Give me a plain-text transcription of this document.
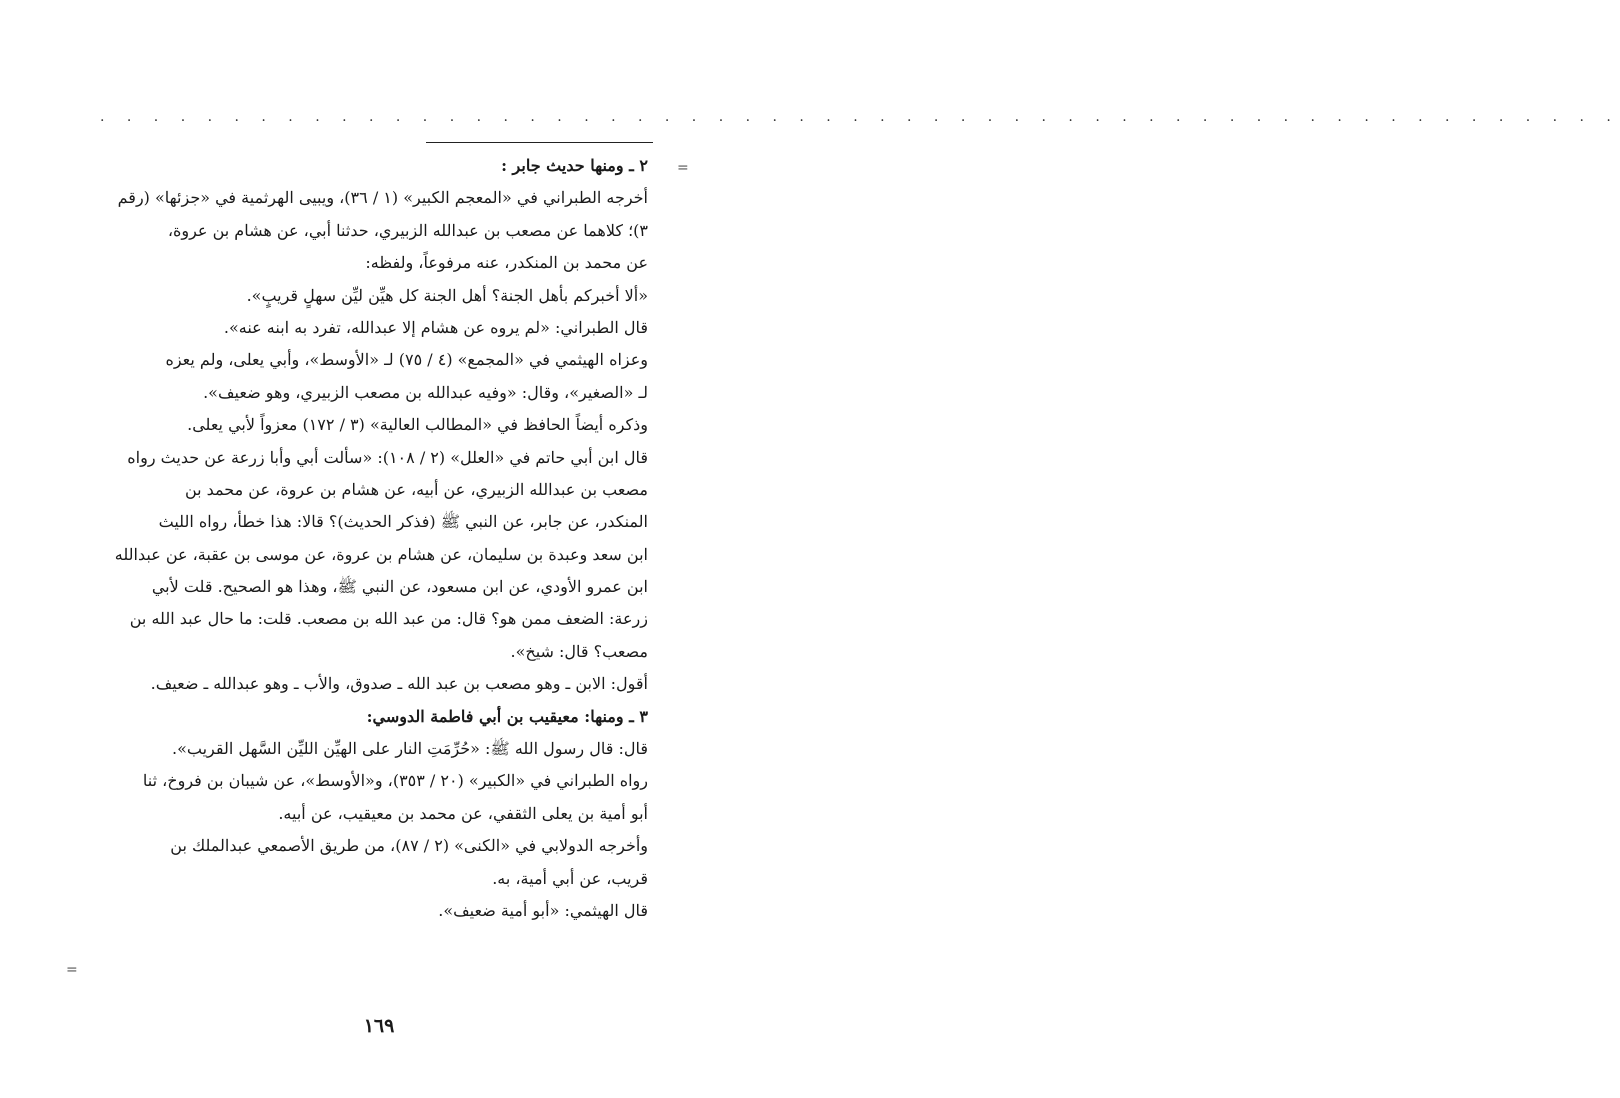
. . . . . . . . . . . . . . . . . . . . . . . . . . . . . . . . . . . . . . . . . . . . . . . . . . . . . . . . .
=
=
٢ ـ ومنها حديث جابر :
أخرجه الطبراني في «المعجم الكبير» (١ / ٣٦)، ويبيى الهرثمية في «جزئها» (رقم
٣)؛ كلاهما عن مصعب بن عبدالله الزبيري، حدثنا أبي، عن هشام بن عروة،
عن محمد بن المنكدر، عنه مرفوعاً، ولفظه:
«ألا أخبركم بأهل الجنة؟ أهل الجنة كل هيِّن ليِّن سهلٍ قريبٍ».
قال الطبراني: «لم يروه عن هشام إلا عبدالله، تفرد به ابنه عنه».
وعزاه الهيثمي في «المجمع» (٤ / ٧٥) لـ «الأوسط»، وأبي يعلى، ولم يعزه
لـ «الصغير»، وقال: «وفيه عبدالله بن مصعب الزبيري، وهو ضعيف».
وذكره أيضاً الحافظ في «المطالب العالية» (٣ / ١٧٢) معزواً لأبي يعلى.
قال ابن أبي حاتم في «العلل» (٢ / ١٠٨): «سألت أبي وأبا زرعة عن حديث رواه
مصعب بن عبدالله الزبيري، عن أبيه، عن هشام بن عروة، عن محمد بن
المنكدر، عن جابر، عن النبي ﷺ (فذكر الحديث)؟ قالا: هذا خطأ، رواه الليث
ابن سعد وعبدة بن سليمان، عن هشام بن عروة، عن موسى بن عقبة، عن عبدالله
ابن عمرو الأودي، عن ابن مسعود، عن النبي ﷺ، وهذا هو الصحيح. قلت لأبي
زرعة: الضعف ممن هو؟ قال: من عبد الله بن مصعب. قلت: ما حال عبد الله بن
مصعب؟ قال: شيخ».
أقول: الابن ـ وهو مصعب بن عبد الله ـ صدوق، والأب ـ وهو عبدالله ـ ضعيف.
٣ ـ ومنها: معيقيب بن أبي فاطمة الدوسي:
قال: قال رسول الله ﷺ: «حُرِّمَتِ النار على الهيِّن الليِّن السَّهل القريب».
رواه الطبراني في «الكبير» (٢٠ / ٣٥٣)، و«الأوسط»، عن شيبان بن فروخ، ثنا
أبو أمية بن يعلى الثقفي، عن محمد بن معيقيب، عن أبيه.
وأخرجه الدولابي في «الكنى» (٢ / ٨٧)، من طريق الأصمعي عبدالملك بن
قريب، عن أبي أمية، به.
قال الهيثمي: «أبو أمية ضعيف».
١٦٩
